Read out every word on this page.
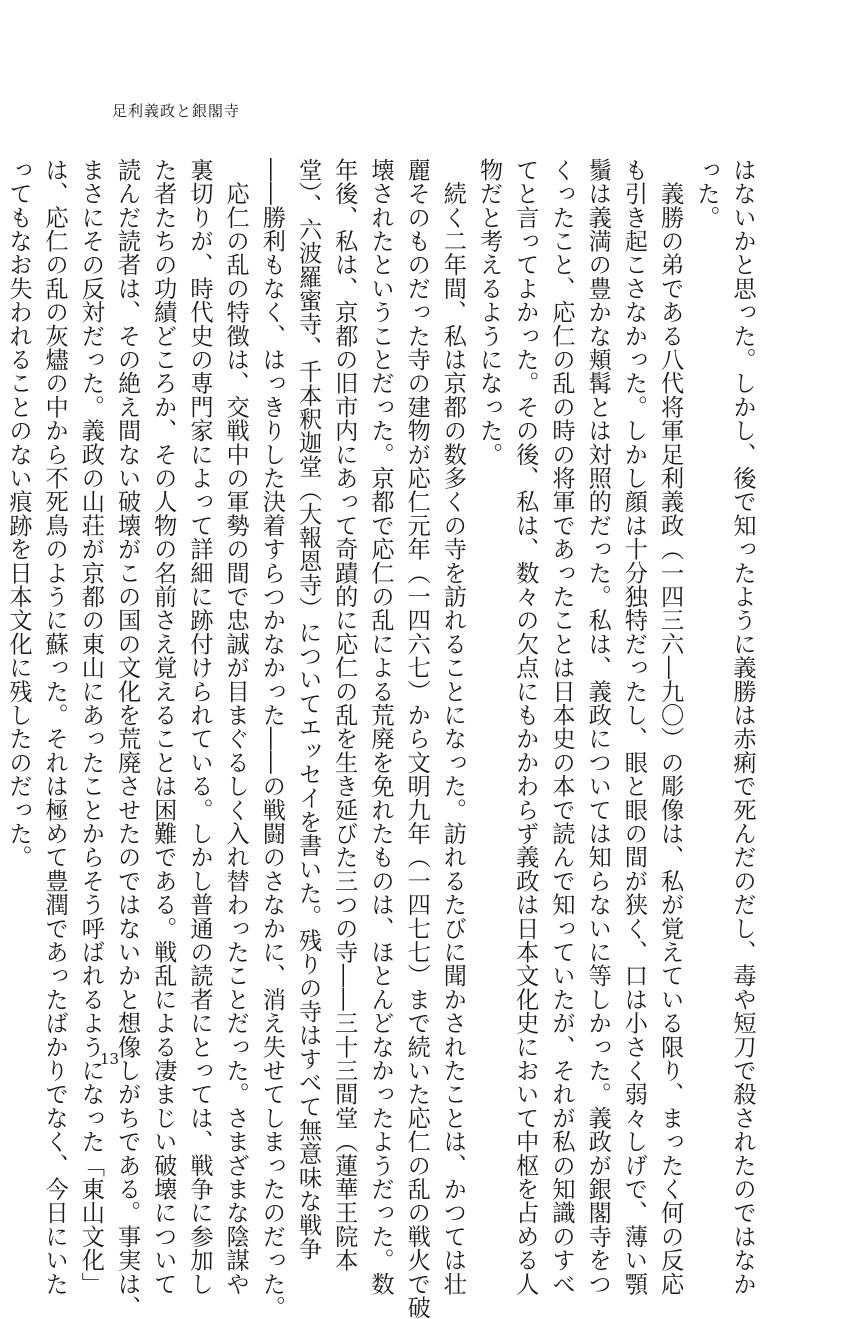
足利義政と銀閣寺
はないかと思った。しかし、後で知ったように義勝は赤痢で死んだのだし、毒や短刀で殺されたのではなか
った。
　義勝の弟である八代将軍足利義政（一四三六―九〇）の彫像は、私が覚えている限り、まったく何の反応
も引き起こさなかった。しかし顔は十分独特だったし、眼と眼の間が狭く、口は小さく弱々しげで、薄い顎
鬚は義満の豊かな頬髯とは対照的だった。私は、義政については知らないに等しかった。義政が銀閣寺をつ
くったこと、応仁の乱の時の将軍であったことは日本史の本で読んで知っていたが、それが私の知識のすべ
てと言ってよかった。その後、私は、数々の欠点にもかかわらず義政は日本文化史において中枢を占める人
物だと考えるようになった。
　続く二年間、私は京都の数多くの寺を訪れることになった。訪れるたびに聞かされたことは、かつては壮
麗そのものだった寺の建物が応仁元年（一四六七）から文明九年（一四七七）まで続いた応仁の乱の戦火で破
壊されたということだった。京都で応仁の乱による荒廃を免れたものは、ほとんどなかったようだった。数
年後、私は、京都の旧市内にあって奇蹟的に応仁の乱を生き延びた三つの寺――三十三間堂（蓮華王院本
堂）、六波羅蜜寺、千本釈迦堂（大報恩寺）についてエッセイを書いた。残りの寺はすべて無意味な戦争
――勝利もなく、はっきりした決着すらつかなかった――の戦闘のさなかに、消え失せてしまったのだった。
　応仁の乱の特徴は、交戦中の軍勢の間で忠誠が目まぐるしく入れ替わったことだった。さまざまな陰謀や
裏切りが、時代史の専門家によって詳細に跡付けられている。しかし普通の読者にとっては、戦争に参加し
た者たちの功績どころか、その人物の名前さえ覚えることは困難である。戦乱による凄まじい破壊について
読んだ読者は、その絶え間ない破壊がこの国の文化を荒廃させたのではないかと想像しがちである。事実は、
まさにその反対だった。義政の山荘が京都の東山にあったことからそう呼ばれるようになった「東山文化」
は、応仁の乱の灰燼の中から不死鳥のように蘇った。それは極めて豊潤であったばかりでなく、今日にいた
ってもなお失われることのない痕跡を日本文化に残したのだった。
13
